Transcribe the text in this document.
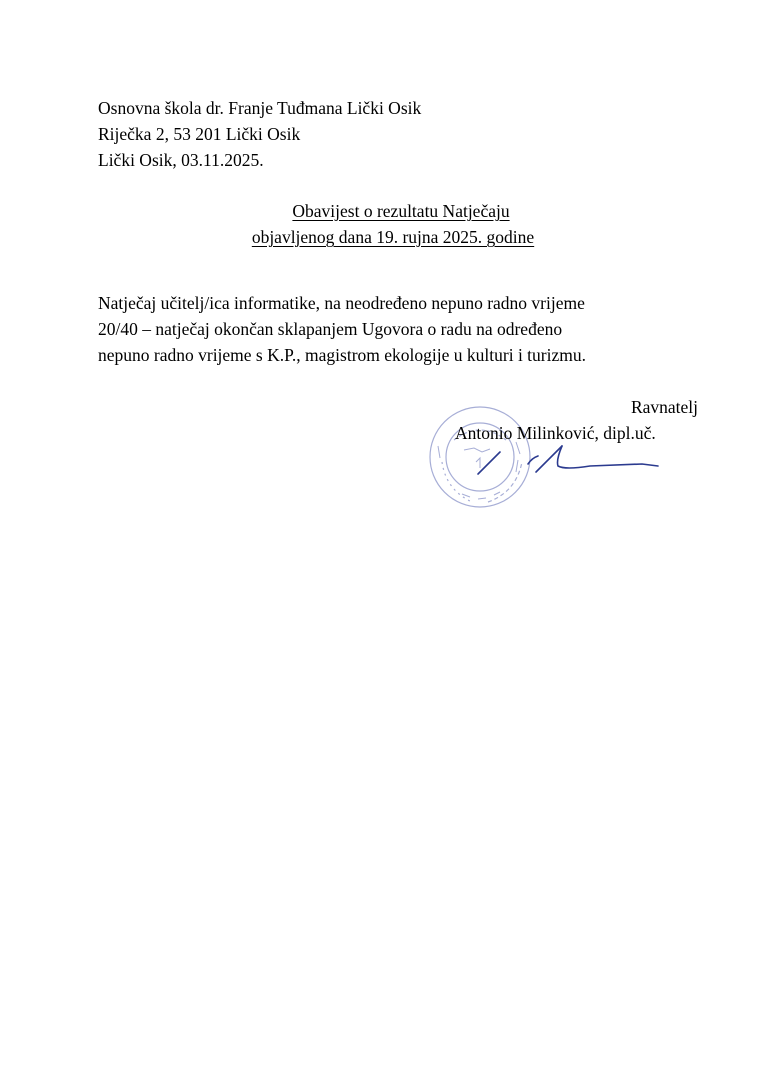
Osnovna škola dr. Franje Tuđmana Lički Osik
Riječka 2, 53 201 Lički Osik
Lički Osik, 03.11.2025.
Obavijest o rezultatu Natječaju
objavljenog dana 19. rujna 2025. godine
Natječaj učitelj/ica informatike, na neodređeno nepuno radno vrijeme
20/40 – natječaj okončan sklapanjem Ugovora o radu na određeno
nepuno radno vrijeme s K.P., magistrom ekologije u kulturi i turizmu.
Ravnatelj
Antonio Milinković, dipl.uč.
